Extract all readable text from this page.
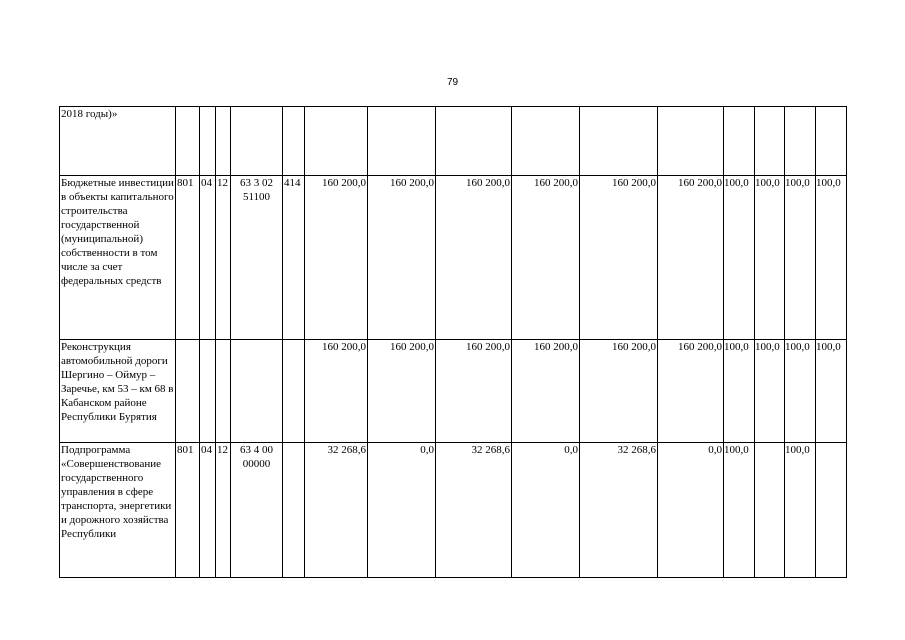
79
2018 годы)»															
Бюджетные инвестиции в объекты капитального строительства государственной (муниципальной) собственности в том числе за счет федеральных средств	801	04	12	63 3 02 51100	414	160 200,0	160 200,0	160 200,0	160 200,0	160 200,0	160 200,0	100,0	100,0	100,0	100,0
Реконструкция автомобильной дороги Шергино – Оймур – Заречье, км 53 – км 68 в Кабанском районе Республики Бурятия						160 200,0	160 200,0	160 200,0	160 200,0	160 200,0	160 200,0	100,0	100,0	100,0	100,0
Подпрограмма «Совершенствование государственного управления в сфере транспорта, энергетики и дорожного хозяйства Республики	801	04	12	63 4 00 00000		32 268,6	0,0	32 268,6	0,0	32 268,6	0,0	100,0		100,0	
